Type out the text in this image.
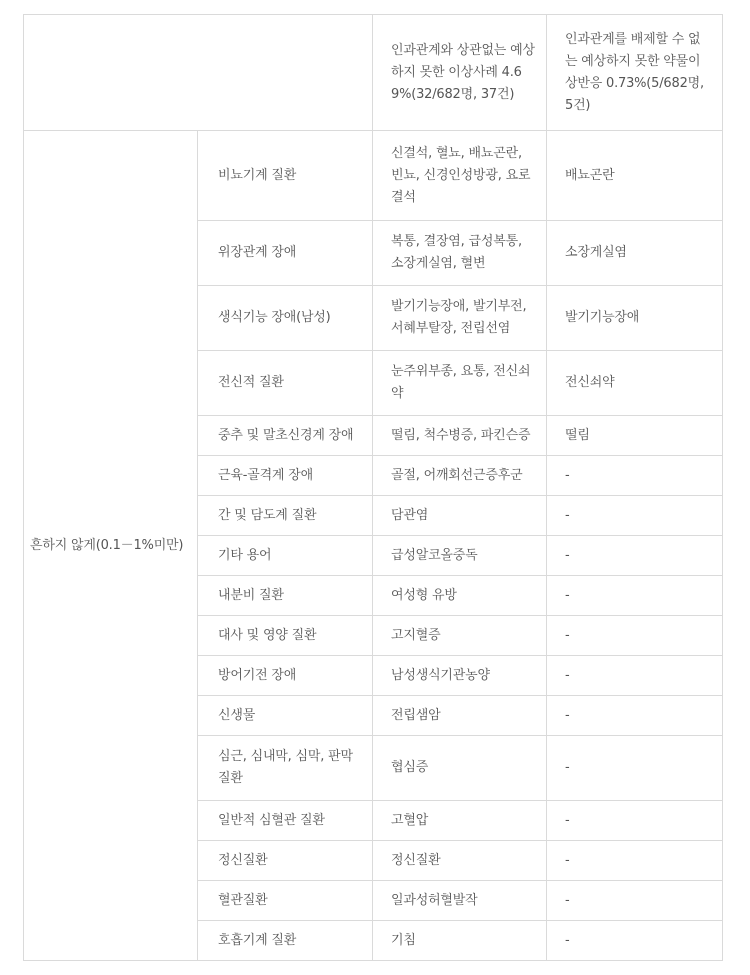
		인과관계와 상관없는 예상하지 못한 이상사례 4.69%(32/682명, 37건)	인과관계를 배제할 수 없는 예상하지 못한 약물이상반응 0.73%(5/682명, 5건)
흔하지 않게(0.1－1%미만)	비뇨기계 질환	신결석, 혈뇨, 배뇨곤란, 빈뇨, 신경인성방광, 요로결석	배뇨곤란
	위장관계 장애	복통, 결장염, 급성복통, 소장게실염, 혈변	소장게실염
	생식기능 장애(남성)	발기기능장애, 발기부전, 서혜부탈장, 전립선염	발기기능장애
	전신적 질환	눈주위부종, 요통, 전신쇠약	전신쇠약
	중추 및 말초신경계 장애	떨림, 척수병증, 파킨슨증	떨림
	근육-골격계 장애	골절, 어깨회선근증후군	-
	간 및 담도계 질환	담관염	-
	기타 용어	급성알코올중독	-
	내분비 질환	여성형 유방	-
	대사 및 영양 질환	고지혈증	-
	방어기전 장애	남성생식기관농양	-
	신생물	전립샘암	-
	심근, 심내막, 심막, 판막 질환	협심증	-
	일반적 심혈관 질환	고혈압	-
	정신질환	정신질환	-
	혈관질환	일과성허혈발작	-
	호흡기계 질환	기침	-
